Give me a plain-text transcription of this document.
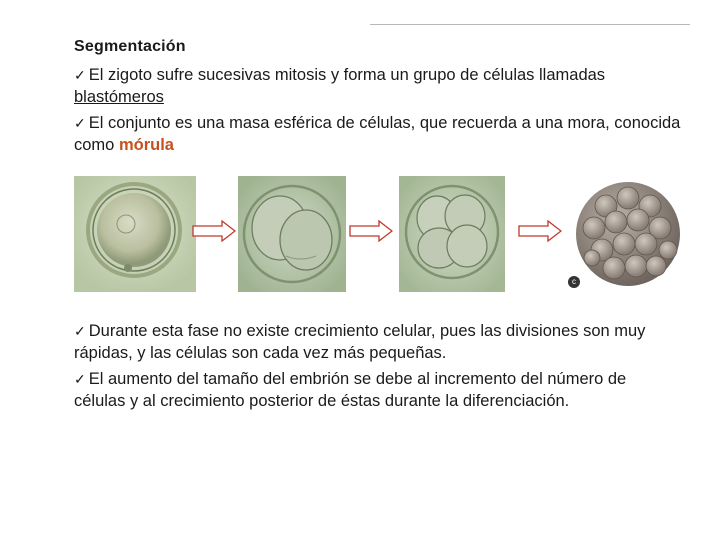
Segmentación
✓ El zigoto sufre sucesivas mitosis y forma un grupo de células llamadas blastómeros
✓ El conjunto es una masa esférica de células, que recuerda a una mora, conocida como mórula
c
✓ Durante esta fase no existe crecimiento celular, pues las divisiones son muy rápidas, y las células son cada vez más pequeñas.
✓ El aumento del tamaño del embrión se debe al incremento del número de células y al crecimiento posterior de éstas durante la diferenciación.
